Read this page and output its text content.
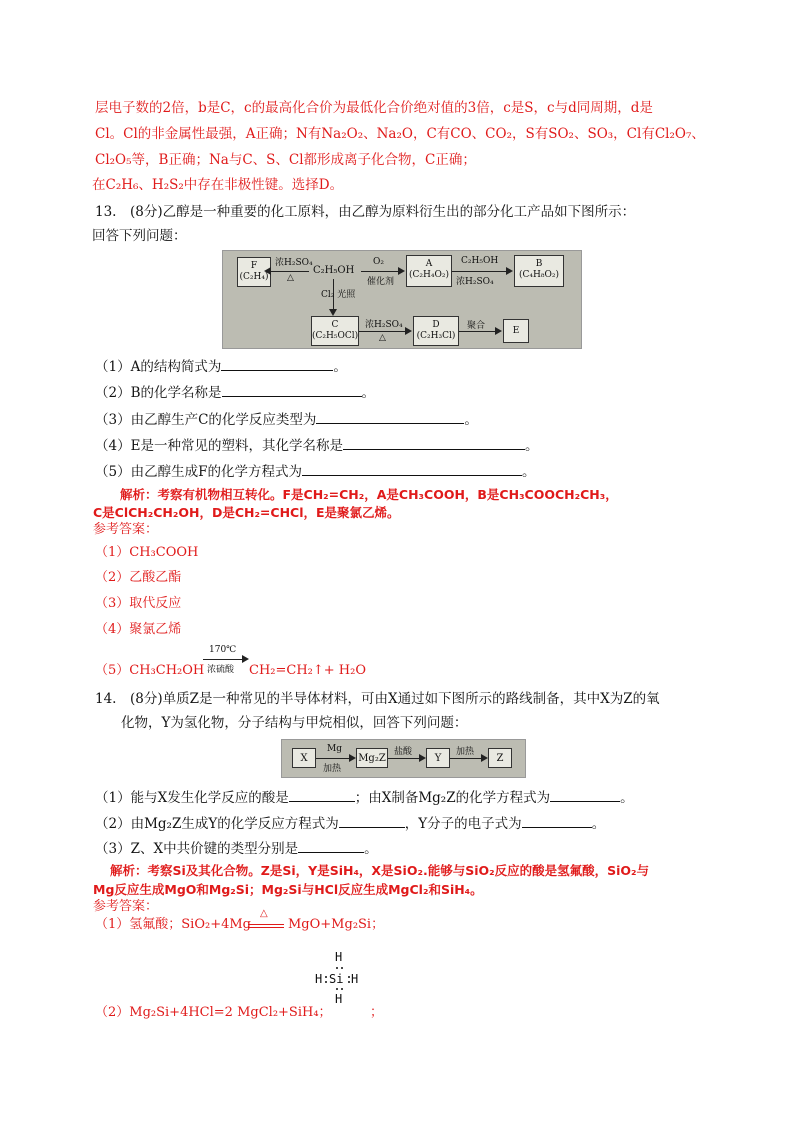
层电子数的2倍，b是C，c的最高化合价为最低化合价绝对值的3倍，c是S，c与d同周期，d是
Cl。Cl的非金属性最强，A正确；N有Na₂O₂、Na₂O，C有CO、CO₂，S有SO₂、SO₃，Cl有Cl₂O₇、
Cl₂O₅等，B正确；Na与C、S、Cl都形成离子化合物，C正确；
在C₂H₆、H₂S₂中存在非极性键。选择D。
13.　(8分)乙醇是一种重要的化工原料，由乙醇为原料衍生出的部分化工产品如下图所示：
回答下列问题：
F
(C₂H₄)
浓H₂SO₄
△
C₂H₅OH
O₂
催化剂
A
(C₂H₄O₂)
C₂H₅OH
浓H₂SO₄
B
(C₄H₈O₂)
Cl₂ 光照
C
(C₂H₅OCl)
浓H₂SO₄
△
D
(C₂H₃Cl)
聚合	E
（1）A的结构简式为	。
（2）B的化学名称是	。
（3）由乙醇生产C的化学反应类型为	。
（4）E是一种常见的塑料，其化学名称是	。
（5）由乙醇生成F的化学方程式为	。
解析：考察有机物相互转化。F是CH₂=CH₂，A是CH₃COOH，B是CH₃COOCH₂CH₃，
C是ClCH₂CH₂OH，D是CH₂=CHCl，E是聚氯乙烯。
参考答案：
（1）CH₃COOH
（2）乙酸乙酯
（3）取代反应
（4）聚氯乙烯
（5）CH₃CH₂OH
170℃
浓硫酸 CH₂=CH₂↑+ H₂O
14.　(8分)单质Z是一种常见的半导体材料，可由X通过如下图所示的路线制备，其中X为Z的氧
化物，Y为氢化物，分子结构与甲烷相似，回答下列问题：
X
Mg
加热
Mg₂Z
盐酸
Y
加热
Z
（1）能与X发生化学反应的酸是	；由X制备Mg₂Z的化学方程式为	。
（2）由Mg₂Z生成Y的化学反应方程式为	，Y分子的电子式为	。
（3）Z、X中共价键的类型分别是	。
解析：考察Si及其化合物。Z是Si，Y是SiH₄，X是SiO₂.能够与SiO₂反应的酸是氢氟酸，SiO₂与
Mg反应生成MgO和Mg₂Si；Mg₂Si与HCl反应生成MgCl₂和SiH₄。
参考答案：
（1）氢氟酸；SiO₂+4Mg
△
MgO+Mg₂Si；
H
H Si H
H
（2）Mg₂Si+4HCl=2 MgCl₂+SiH₄；	；
